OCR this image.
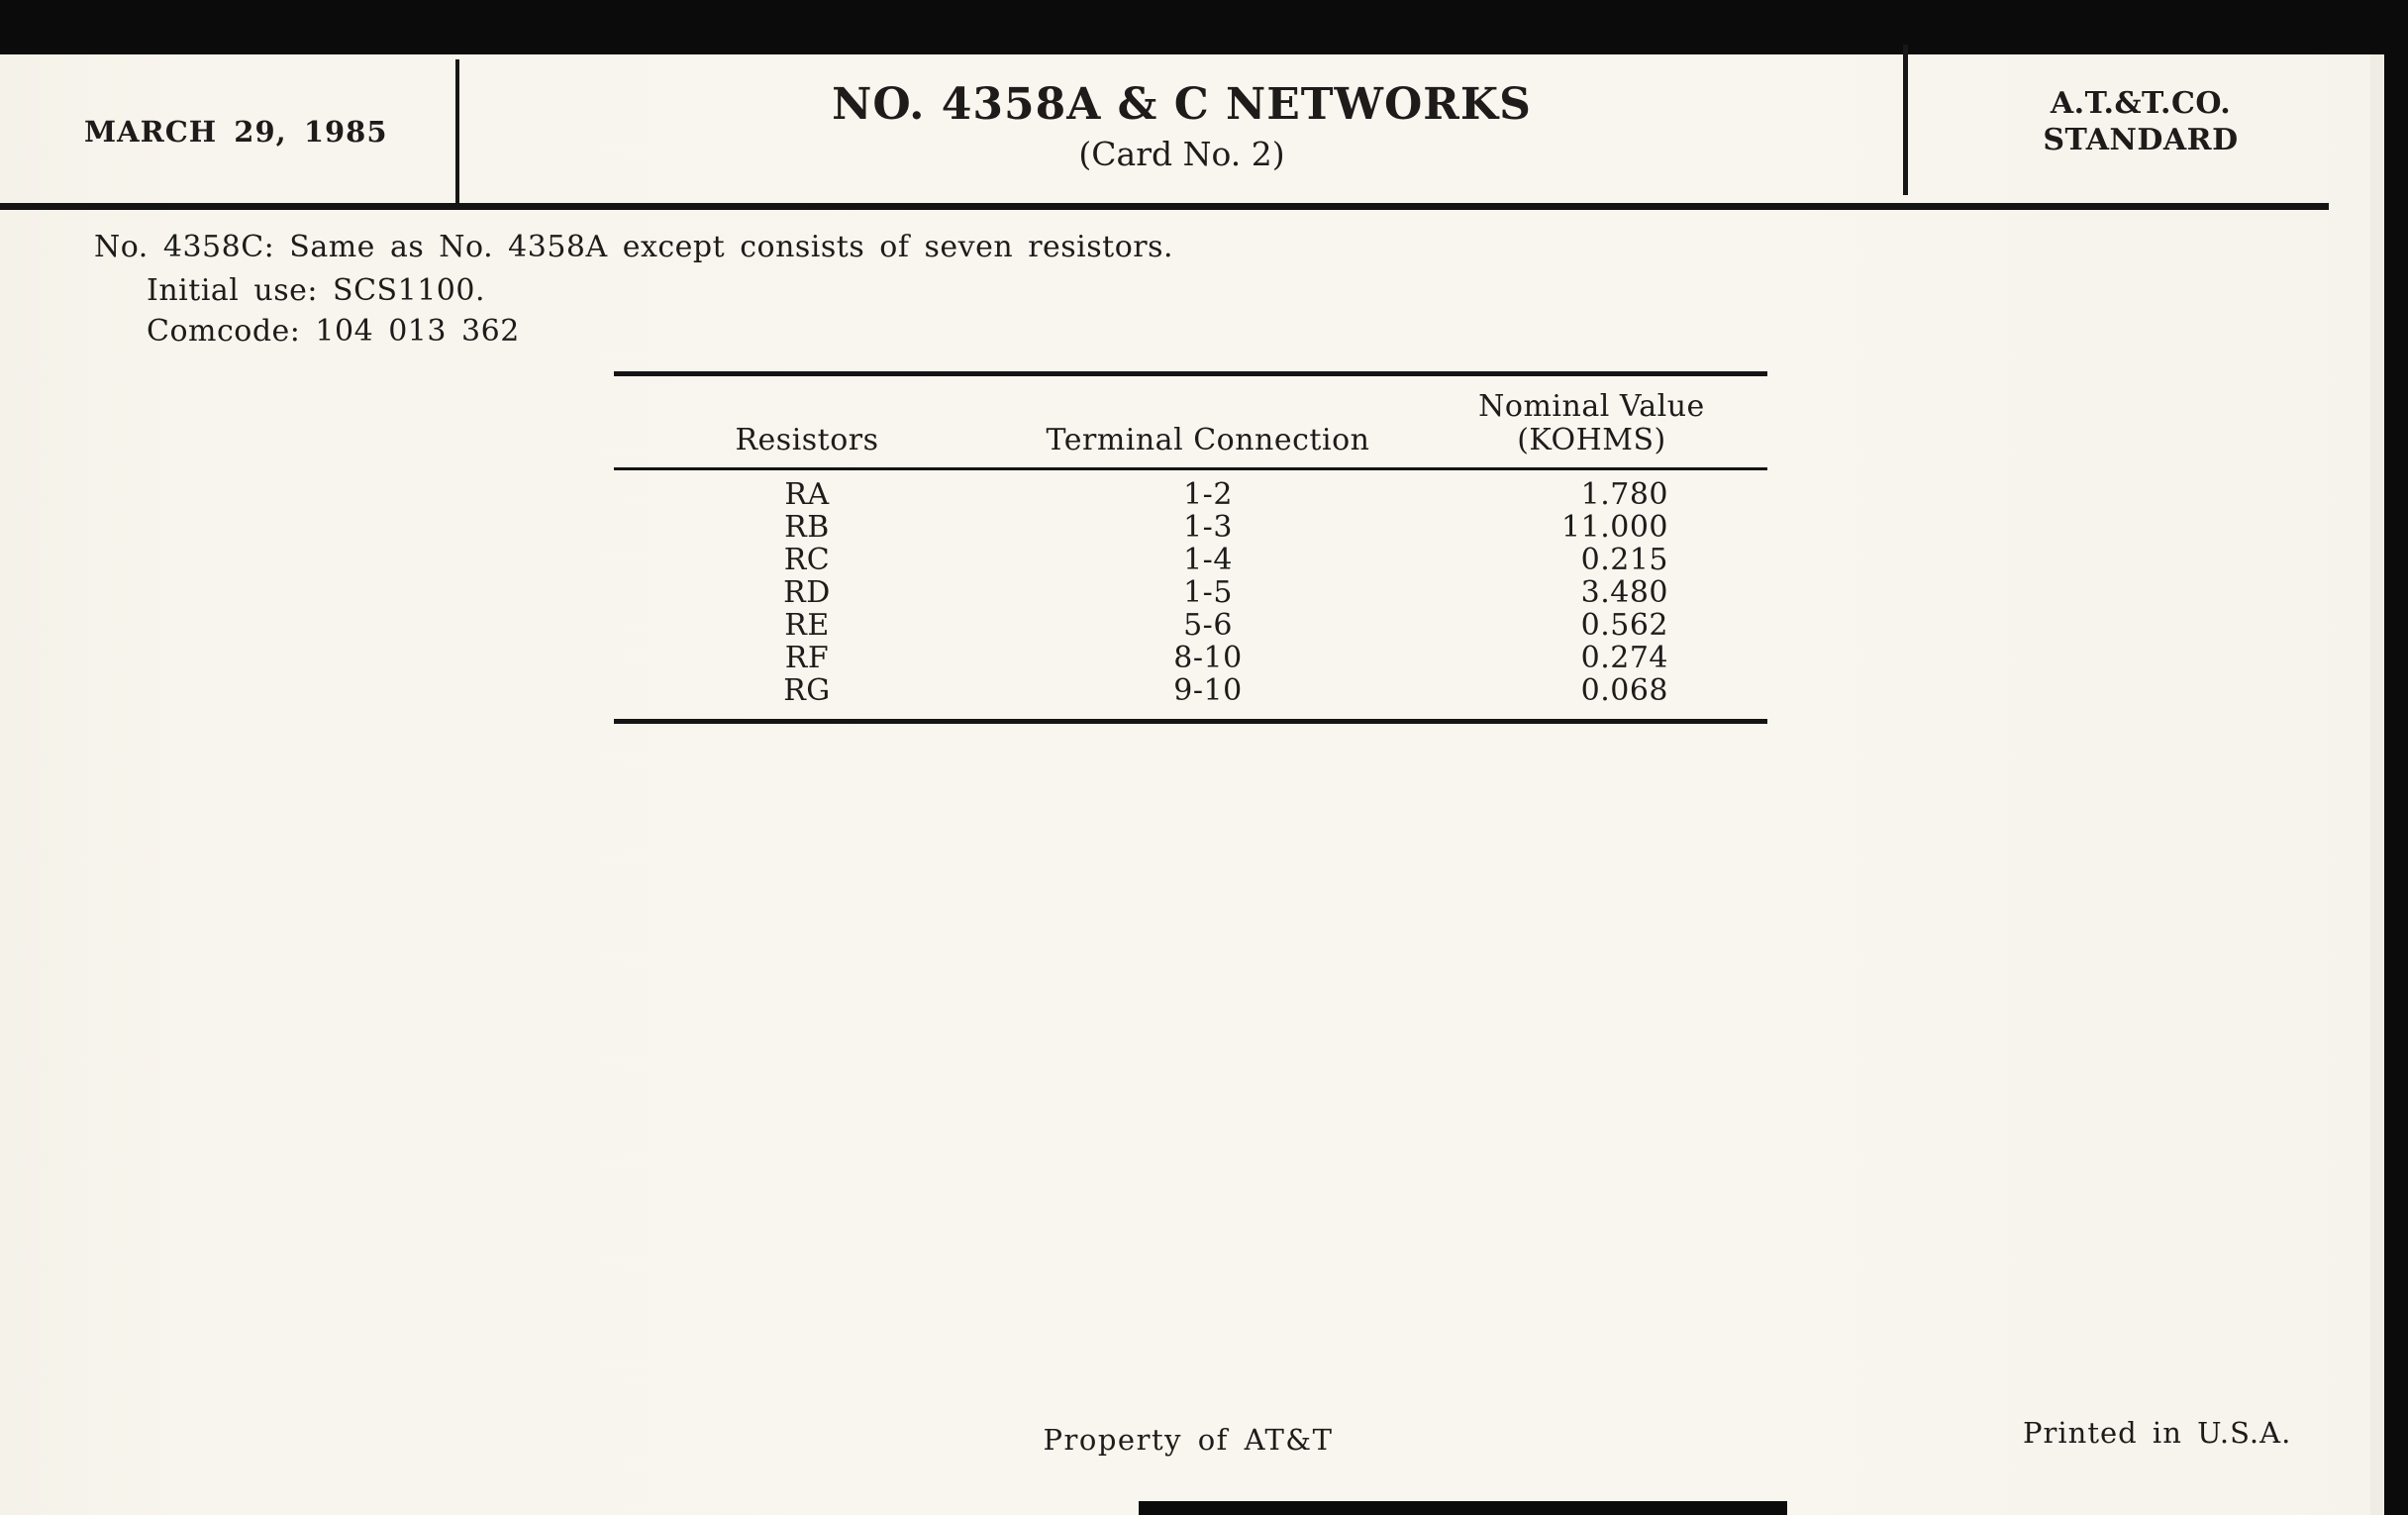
MARCH 29, 1985
NO. 4358A & C NETWORKS
(Card No. 2)
A.T.&T.CO.
STANDARD
No. 4358C: Same as No. 4358A except consists of seven resistors.
Initial use: SCS1100.
Comcode: 104 013 362
Resistors	Terminal Connection	Nominal Value
(KOHMS)

RA	1-2	1.780
RB	1-3	11.000
RC	1-4	0.215
RD	1-5	3.480
RE	5-6	0.562
RF	8-10	0.274
RG	9-10	0.068
Property of AT&T	Printed in U.S.A.
